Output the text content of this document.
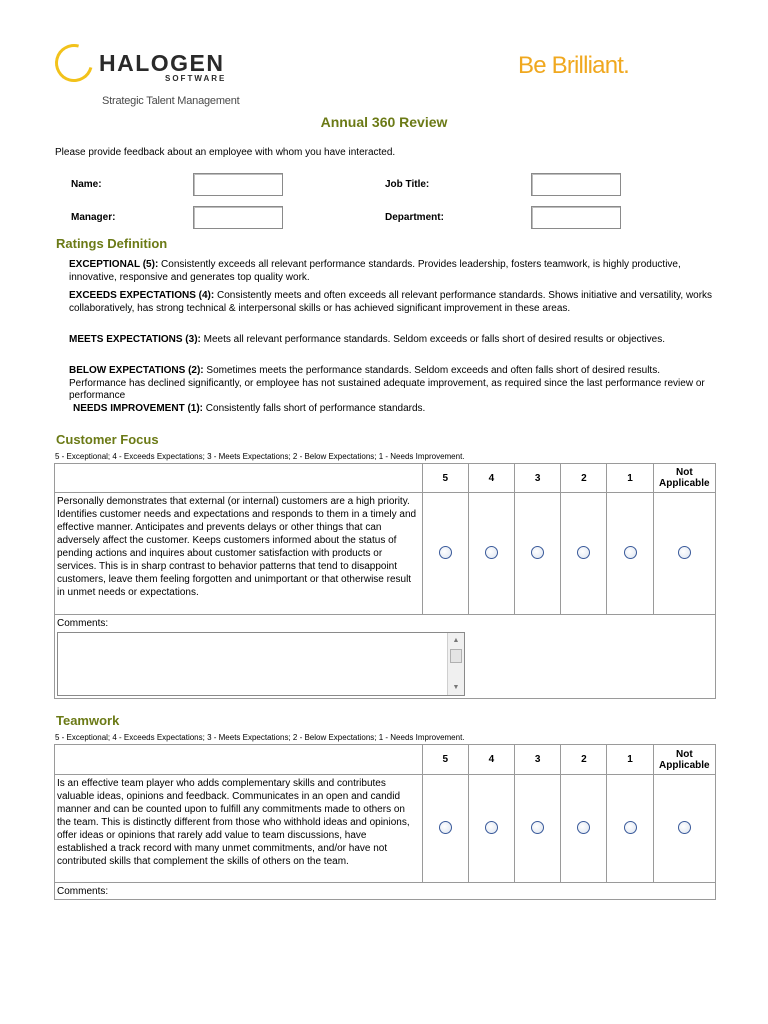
HALOGEN
SOFTWARE
Strategic Talent Management
Be Brilliant.
Annual 360 Review
Please provide feedback about an employee with whom you have interacted.
Name:	Job Title:
Manager:	Department:
Ratings Definition
EXCEPTIONAL (5): Consistently exceeds all relevant performance standards. Provides leadership, fosters teamwork, is highly productive, innovative, responsive and generates top quality work.
EXCEEDS EXPECTATIONS (4): Consistently meets and often exceeds all relevant performance standards. Shows initiative and versatility, works collaboratively, has strong technical & interpersonal skills or has achieved significant improvement in these areas.
MEETS EXPECTATIONS (3): Meets all relevant performance standards. Seldom exceeds or falls short of desired results or objectives.
BELOW EXPECTATIONS (2): Sometimes meets the performance standards. Seldom exceeds and often falls short of desired results. Performance has declined significantly, or employee has not sustained adequate improvement, as required since the last performance review or performance
NEEDS IMPROVEMENT (1): Consistently falls short of performance standards.
Customer Focus
5 - Exceptional; 4 - Exceeds Expectations; 3 - Meets Expectations; 2 - Below Expectations; 1 - Needs Improvement.
	5	4	3	2	1	Not Applicable
Personally demonstrates that external (or internal) customers are a high priority. Identifies customer needs and expectations and responds to them in a timely and effective manner. Anticipates and prevents delays or other things that can adversely affect the customer. Keeps customers informed about the status of pending actions and inquires about customer satisfaction with products or services. This is in sharp contrast to behavior patterns that tend to disappoint customers, leave them feeling forgotten and unimportant or that otherwise result in unmet needs or expectations.						

Comments:
▲
▼						
Teamwork
5 - Exceptional; 4 - Exceeds Expectations; 3 - Meets Expectations; 2 - Below Expectations; 1 - Needs Improvement.
	5	4	3	2	1	Not Applicable
Is an effective team player who adds complementary skills and contributes valuable ideas, opinions and feedback. Communicates in an open and candid manner and can be counted upon to fulfill any commitments made to others on the team. This is distinctly different from those who withhold ideas and opinions, offer ideas or opinions that rarely add value to team discussions, have established a track record with many unmet commitments, and/or have not contributed skills that complement the skills of others on the team.						

Comments:						
